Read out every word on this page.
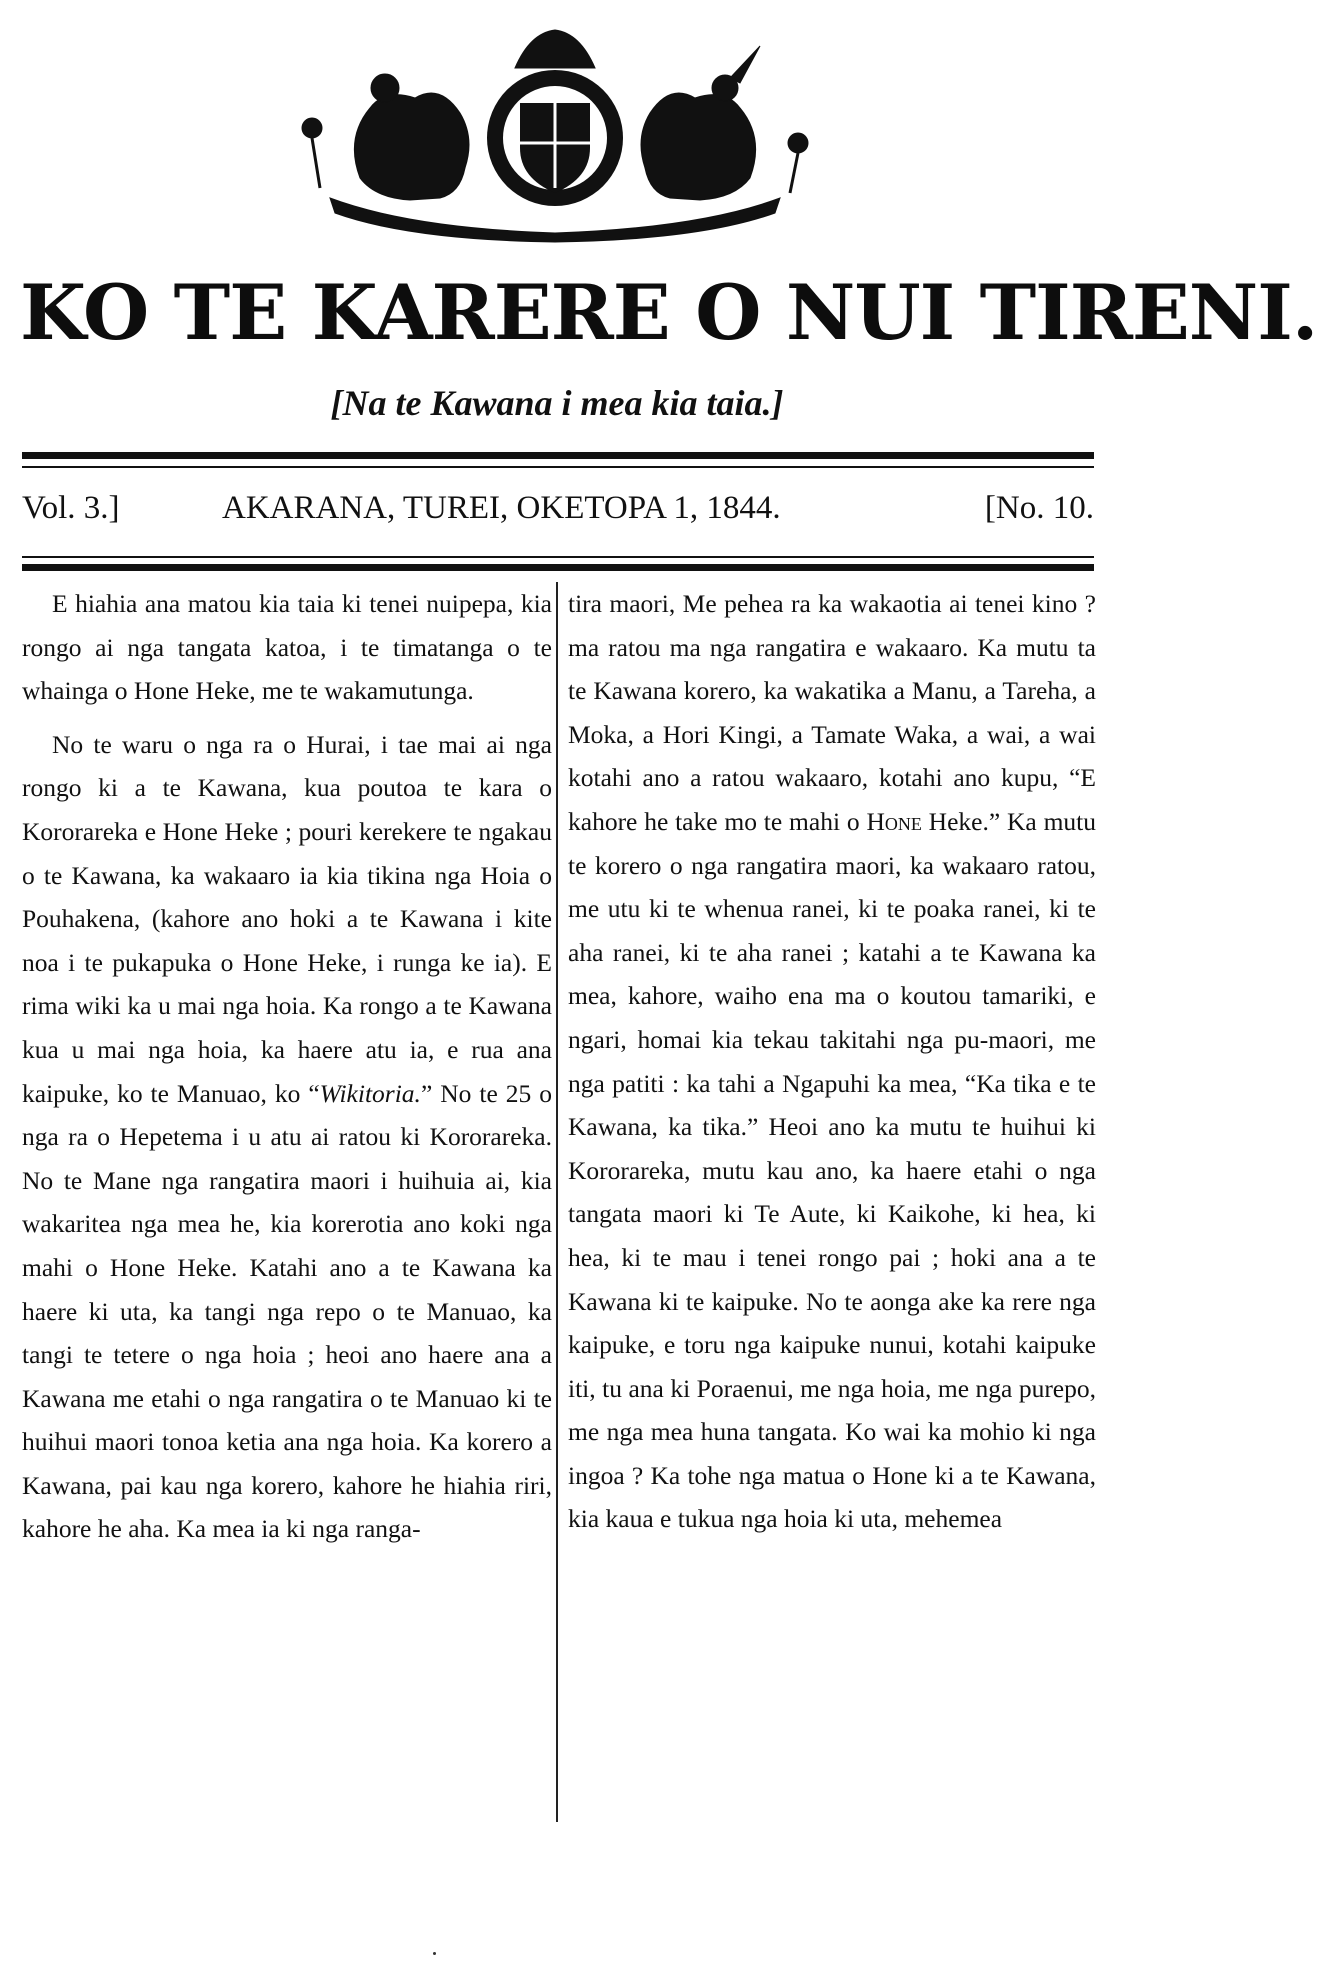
KO TE KARERE O NUI TIRENI.
[Na te Kawana i mea kia taia.]
Vol. 3.]	AKARANA, TUREI, OKETOPA 1, 1844.	[No. 10.

E hiahia ana matou kia taia ki tenei nuipepa, kia rongo ai nga tangata katoa, i te timatanga o te whainga o Hone Heke, me te wakamutunga.

No te waru o nga ra o Hurai, i tae mai ai nga rongo ki a te Kawana, kua poutoa te kara o Kororareka e Hone Heke ; pouri kerekere te ngakau o te Kawana, ka wakaaro ia kia tikina nga Hoia o Pouhakena, (kahore ano hoki a te Kawana i kite noa i te pukapuka o Hone Heke, i runga ke ia). E rima wiki ka u mai nga hoia. Ka rongo a te Kawana kua u mai nga hoia, ka haere atu ia, e rua ana kaipuke, ko te Manuao, ko “Wikitoria.” No te 25 o nga ra o Hepetema i u atu ai ratou ki Kororareka. No te Mane nga rangatira maori i huihuia ai, kia wakaritea nga mea he, kia korerotia ano koki nga mahi o Hone Heke. Katahi ano a te Kawana ka haere ki uta, ka tangi nga repo o te Manuao, ka tangi te tetere o nga hoia ; heoi ano haere ana a Kawana me etahi o nga rangatira o te Manuao ki te huihui maori tonoa ketia ana nga hoia. Ka korero a Kawana, pai kau nga korero, kahore he hiahia riri, kahore he aha. Ka mea ia ki nga ranga-

tira maori, Me pehea ra ka wakaotia ai tenei kino ? ma ratou ma nga rangatira e wakaaro. Ka mutu ta te Kawana korero, ka wakatika a Manu, a Tareha, a Moka, a Hori Kingi, a Tamate Waka, a wai, a wai kotahi ano a ratou wakaaro, kotahi ano kupu, “E kahore he take mo te mahi o Hone Heke.” Ka mutu te korero o nga rangatira maori, ka wakaaro ratou, me utu ki te whenua ranei, ki te poaka ranei, ki te aha ranei, ki te aha ranei ; katahi a te Kawana ka mea, kahore, waiho ena ma o koutou tamariki, e ngari, homai kia tekau takitahi nga pu-maori, me nga patiti : ka tahi a Ngapuhi ka mea, “Ka tika e te Kawana, ka tika.” Heoi ano ka mutu te huihui ki Kororareka, mutu kau ano, ka haere etahi o nga tangata maori ki Te Aute, ki Kaikohe, ki hea, ki hea, ki te mau i tenei rongo pai ; hoki ana a te Kawana ki te kaipuke. No te aonga ake ka rere nga kaipuke, e toru nga kaipuke nunui, kotahi kaipuke iti, tu ana ki Poraenui, me nga hoia, me nga purepo, me nga mea huna tangata. Ko wai ka mohio ki nga ingoa ? Ka tohe nga matua o Hone ki a te Kawana, kia kaua e tukua nga hoia ki uta, mehemea
